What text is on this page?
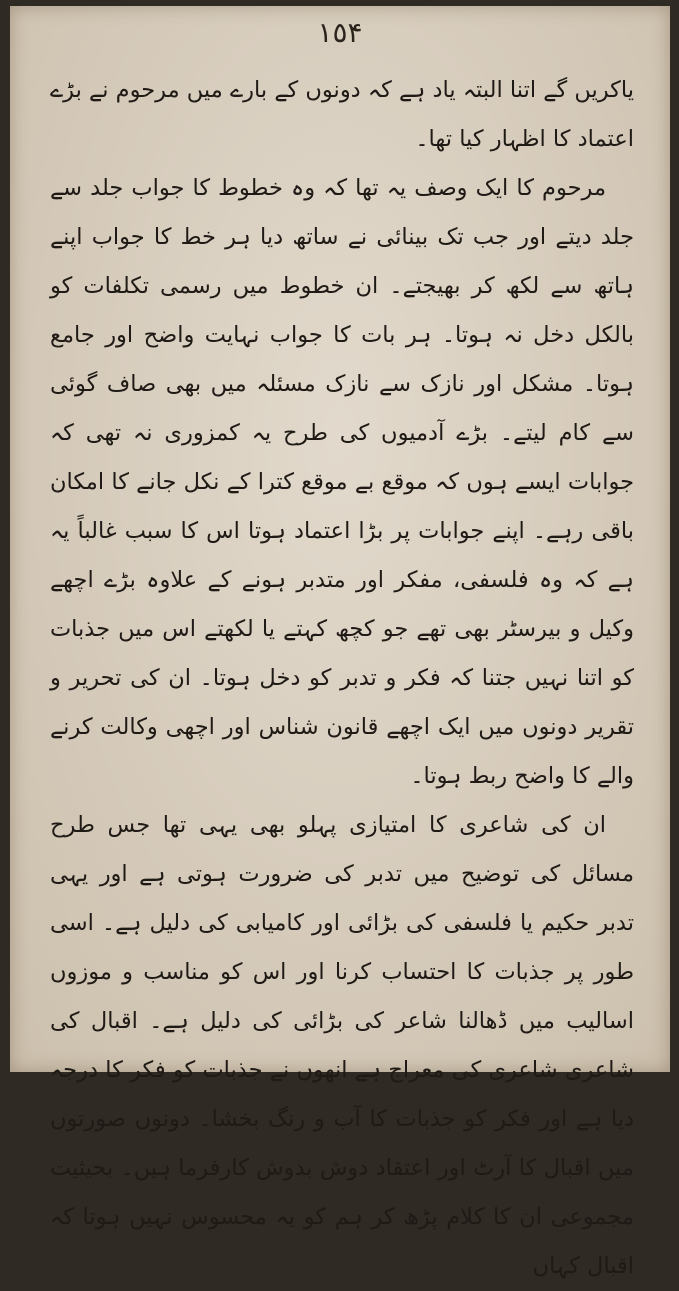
١٥۴

یاکریں گے اتنا البتہ یاد ہے کہ دونوں کے بارے میں مرحوم نے بڑے اعتماد کا اظہار کیا تھا۔

مرحوم کا ایک وصف یہ تھا کہ وہ خطوط کا جواب جلد سے جلد دیتے اور جب تک بینائی نے ساتھ دیا ہر خط کا جواب اپنے ہاتھ سے لکھ کر بھیجتے۔ ان خطوط میں رسمی تکلفات کو بالکل دخل نہ ہوتا۔ ہر بات کا جواب نہایت واضح اور جامع ہوتا۔ مشکل اور نازک سے نازک مسئلہ میں بھی صاف گوئی سے کام لیتے۔ بڑے آدمیوں کی طرح یہ کمزوری نہ تھی کہ جوابات ایسے ہوں کہ موقع بے موقع کترا کے نکل جانے کا امکان باقی رہے۔ اپنے جوابات پر بڑا اعتماد ہوتا اس کا سبب غالباً یہ ہے کہ وہ فلسفی، مفکر اور متدبر ہونے کے علاوہ بڑے اچھے وکیل و بیرسٹر بھی تھے جو کچھ کہتے یا لکھتے اس میں جذبات کو اتنا نہیں جتنا کہ فکر و تدبر کو دخل ہوتا۔ ان کی تحریر و تقریر دونوں میں ایک اچھے قانون شناس اور اچھی وکالت کرنے والے کا واضح ربط ہوتا۔

ان کی شاعری کا امتیازی پہلو بھی یہی تھا جس طرح مسائل کی توضیح میں تدبر کی ضرورت ہوتی ہے اور یہی تدبر حکیم یا فلسفی کی بڑائی اور کامیابی کی دلیل ہے۔ اسی طور پر جذبات کا احتساب کرنا اور اس کو مناسب و موزوں اسالیب میں ڈھالنا شاعر کی بڑائی کی دلیل ہے۔ اقبال کی شاعری شاعری کی معراج ہے انھوں نے جذبات کو فکر کا درجہ دیا ہے اور فکر کو جذبات کا آب و رنگ بخشا۔ دونوں صورتوں میں اقبال کا آرٹ اور اعتقاد دوش بدوش کارفرما ہیں۔ بحیثیت مجموعی ان کا کلام پڑھ کر ہم کو یہ محسوس نہیں ہوتا کہ اقبال کہاں
